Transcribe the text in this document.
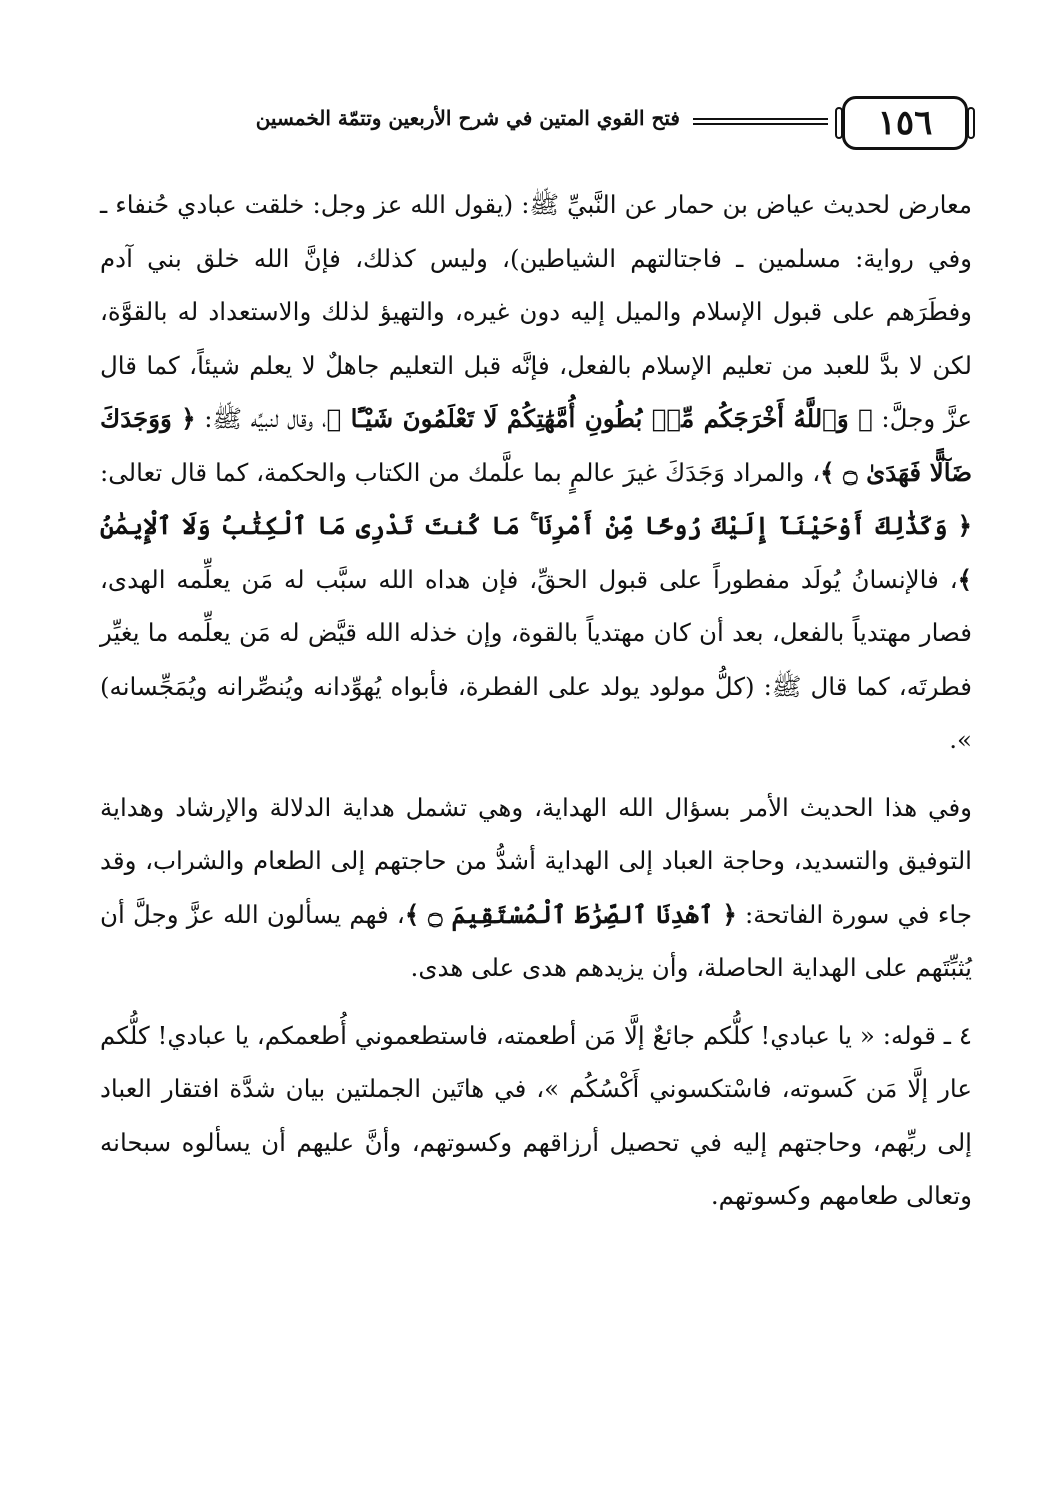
١٥٦
فتح القوي المتين في شرح الأربعين وتتمّة الخمسين

معارض لحديث عياض بن حمار عن النَّبيِّ ﷺ: (يقول الله عز وجل: خلقت عبادي حُنفاء ـ وفي رواية: مسلمين ـ فاجتالتهم الشياطين)، وليس كذلك، فإنَّ الله خلق بني آدم وفطَرَهم على قبول الإسلام والميل إليه دون غيره، والتهيؤ لذلك والاستعداد له بالقوَّة، لكن لا بدَّ للعبد من تعليم الإسلام بالفعل، فإنَّه قبل التعليم جاهلٌ لا يعلم شيئاً، كما قال عزَّ وجلَّ: ﴿ وَٱللَّهُ أَخْرَجَكُم مِّنۢ بُطُونِ أُمَّهَٰتِكُمْ لَا تَعْلَمُونَ شَيْـًٔا ﴾، وقال لنبيِّه ﷺ: ﴿ وَوَجَدَكَ ضَآلًّا فَهَدَىٰ ۝ ﴾، والمراد وَجَدَكَ غيرَ عالمٍ بما علَّمك من الكتاب والحكمة، كما قال تعالى: ﴿ وَكَذَٰلِكَ أَوْحَيْنَآ إِلَيْكَ رُوحًا مِّنْ أَمْرِنَا ۚ مَا كُنتَ تَدْرِى مَا ٱلْكِتَٰبُ وَلَا ٱلْإِيمَٰنُ ﴾، فالإنسانُ يُولَد مفطوراً على قبول الحقِّ، فإن هداه الله سبَّب له مَن يعلِّمه الهدى، فصار مهتدياً بالفعل، بعد أن كان مهتدياً بالقوة، وإن خذله الله قيَّض له مَن يعلِّمه ما يغيِّر فطرتَه، كما قال ﷺ: (كلُّ مولود يولد على الفطرة، فأبواه يُهوِّدانه ويُنصِّرانه ويُمَجِّسانه) ».

وفي هذا الحديث الأمر بسؤال الله الهداية، وهي تشمل هداية الدلالة والإرشاد وهداية التوفيق والتسديد، وحاجة العباد إلى الهداية أشدُّ من حاجتهم إلى الطعام والشراب، وقد جاء في سورة الفاتحة: ﴿ ٱهْدِنَا ٱلصِّرَٰطَ ٱلْمُسْتَقِيمَ ۝ ﴾، فهم يسألون الله عزَّ وجلَّ أن يُثبِّتَهم على الهداية الحاصلة، وأن يزيدهم هدى على هدى.

٤ ـ قوله: « يا عبادي! كلُّكم جائعٌ إلَّا مَن أطعمته، فاستطعموني أُطعمكم، يا عبادي! كلُّكم عار إلَّا مَن كَسوته، فاسْتكسوني أَكْسُكُم »، في هاتَين الجملتين بيان شدَّة افتقار العباد إلى ربِّهم، وحاجتهم إليه في تحصيل أرزاقهم وكسوتهم، وأنَّ عليهم أن يسألوه سبحانه وتعالى طعامهم وكسوتهم.
